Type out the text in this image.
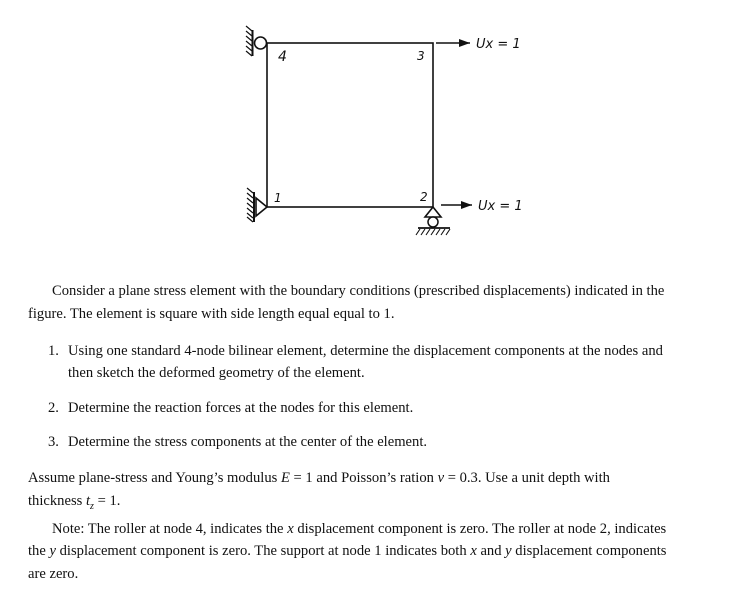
4	3
1	2
Ux = 1
Ux = 1
Consider a plane stress element with the boundary conditions (prescribed displacements) indicated in the
figure. The element is square with side length equal equal to 1.
1. Using one standard 4-node bilinear element, determine the displacement components at the nodes and
then sketch the deformed geometry of the element.
2. Determine the reaction forces at the nodes for this element.
3. Determine the stress components at the center of the element.
Assume plane-stress and Young’s modulus E = 1 and Poisson’s ration ν = 0.3. Use a unit depth with
thickness $t_z = 1$.
Note: The roller at node 4, indicates the x displacement component is zero. The roller at node 2, indicates
the y displacement component is zero. The support at node 1 indicates both x and y displacement components
are zero.
